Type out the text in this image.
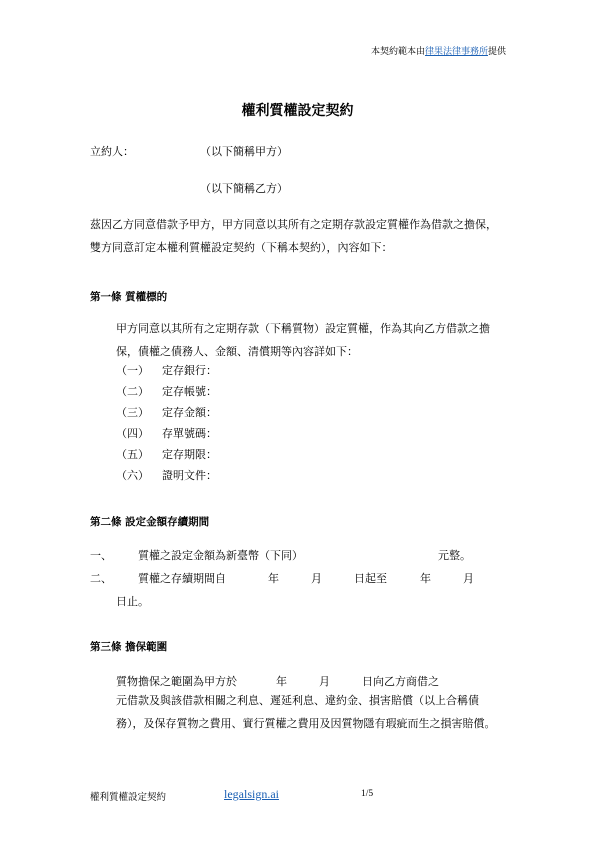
本契約範本由律果法律事務所提供
權利質權設定契約
立約人：	（以下簡稱甲方）
（以下簡稱乙方）
茲因乙方同意借款予甲方，甲方同意以其所有之定期存款設定質權作為借款之擔保，雙方同意訂定本權利質權設定契約（下稱本契約），內容如下：
第一條 質權標的
甲方同意以其所有之定期存款（下稱質物）設定質權，作為其向乙方借款之擔保，債權之債務人、金額、清償期等內容詳如下：
（一） 定存銀行：
（二） 定存帳號：
（三） 定存金額：
（四） 存單號碼：
（五） 定存期限：
（六） 證明文件：
第二條 設定金額存續期間
一、 質權之設定金額為新臺幣（下同）	元整。
二、 質權之存續期間自	年	月	日起至	年	月
日止。
第三條 擔保範圍
質物擔保之範圍為甲方於	年	月	日向乙方商借之
元借款及與該借款相關之利息、遲延利息、違約金、損害賠償（以上合稱債務），及保存質物之費用、實行質權之費用及因質物隱有瑕疵而生之損害賠償。
權利質權設定契約	legalsign.ai	1/5
